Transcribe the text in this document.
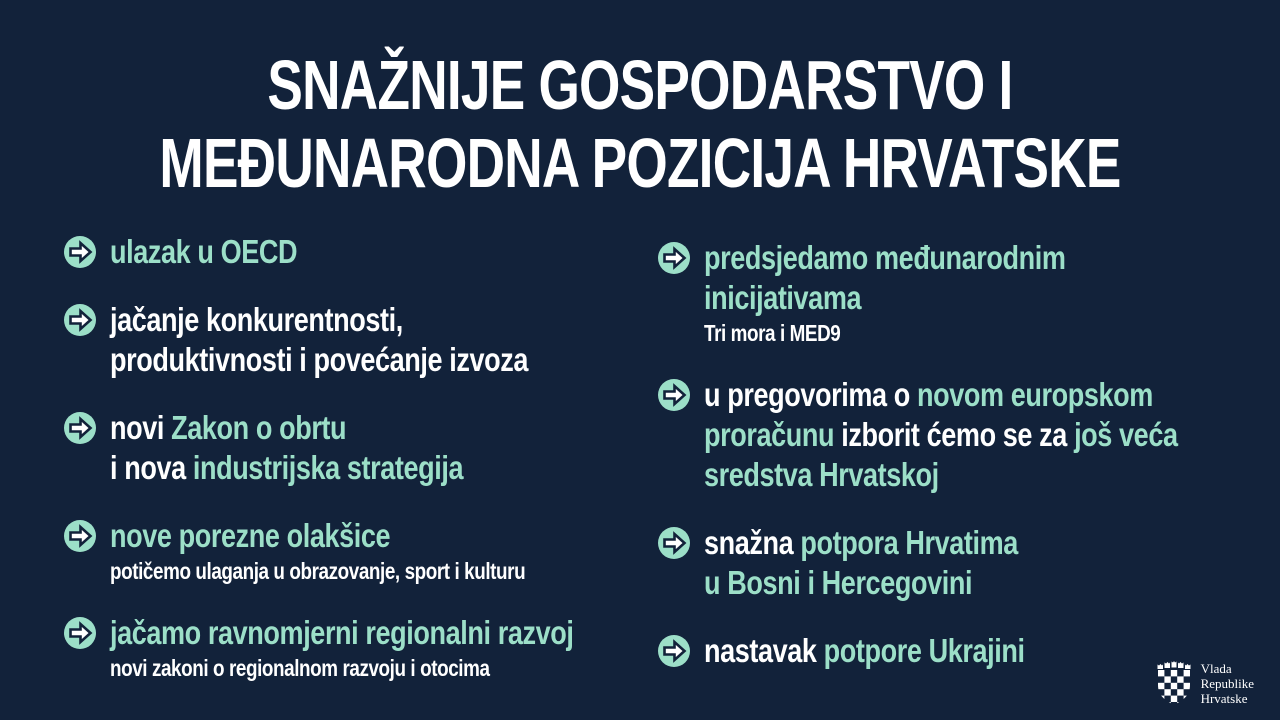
SNAŽNIJE GOSPODARSTVO I
MEĐUNARODNA POZICIJA HRVATSKE
ulazak u OECD
jačanje konkurentnosti,
produktivnosti i povećanje izvoza
novi Zakon o obrtu
i nova industrijska strategija
nove porezne olakšice
potičemo ulaganja u obrazovanje, sport i kulturu
jačamo ravnomjerni regionalni razvoj
novi zakoni o regionalnom razvoju i otocima
predsjedamo međunarodnim
inicijativama
Tri mora i MED9
u pregovorima o novom europskom
proračunu izborit ćemo se za još veća
sredstva Hrvatskoj
snažna potpora Hrvatima
u Bosni i Hercegovini
nastavak potpore Ukrajini	Vlada
Republike
Hrvatske
